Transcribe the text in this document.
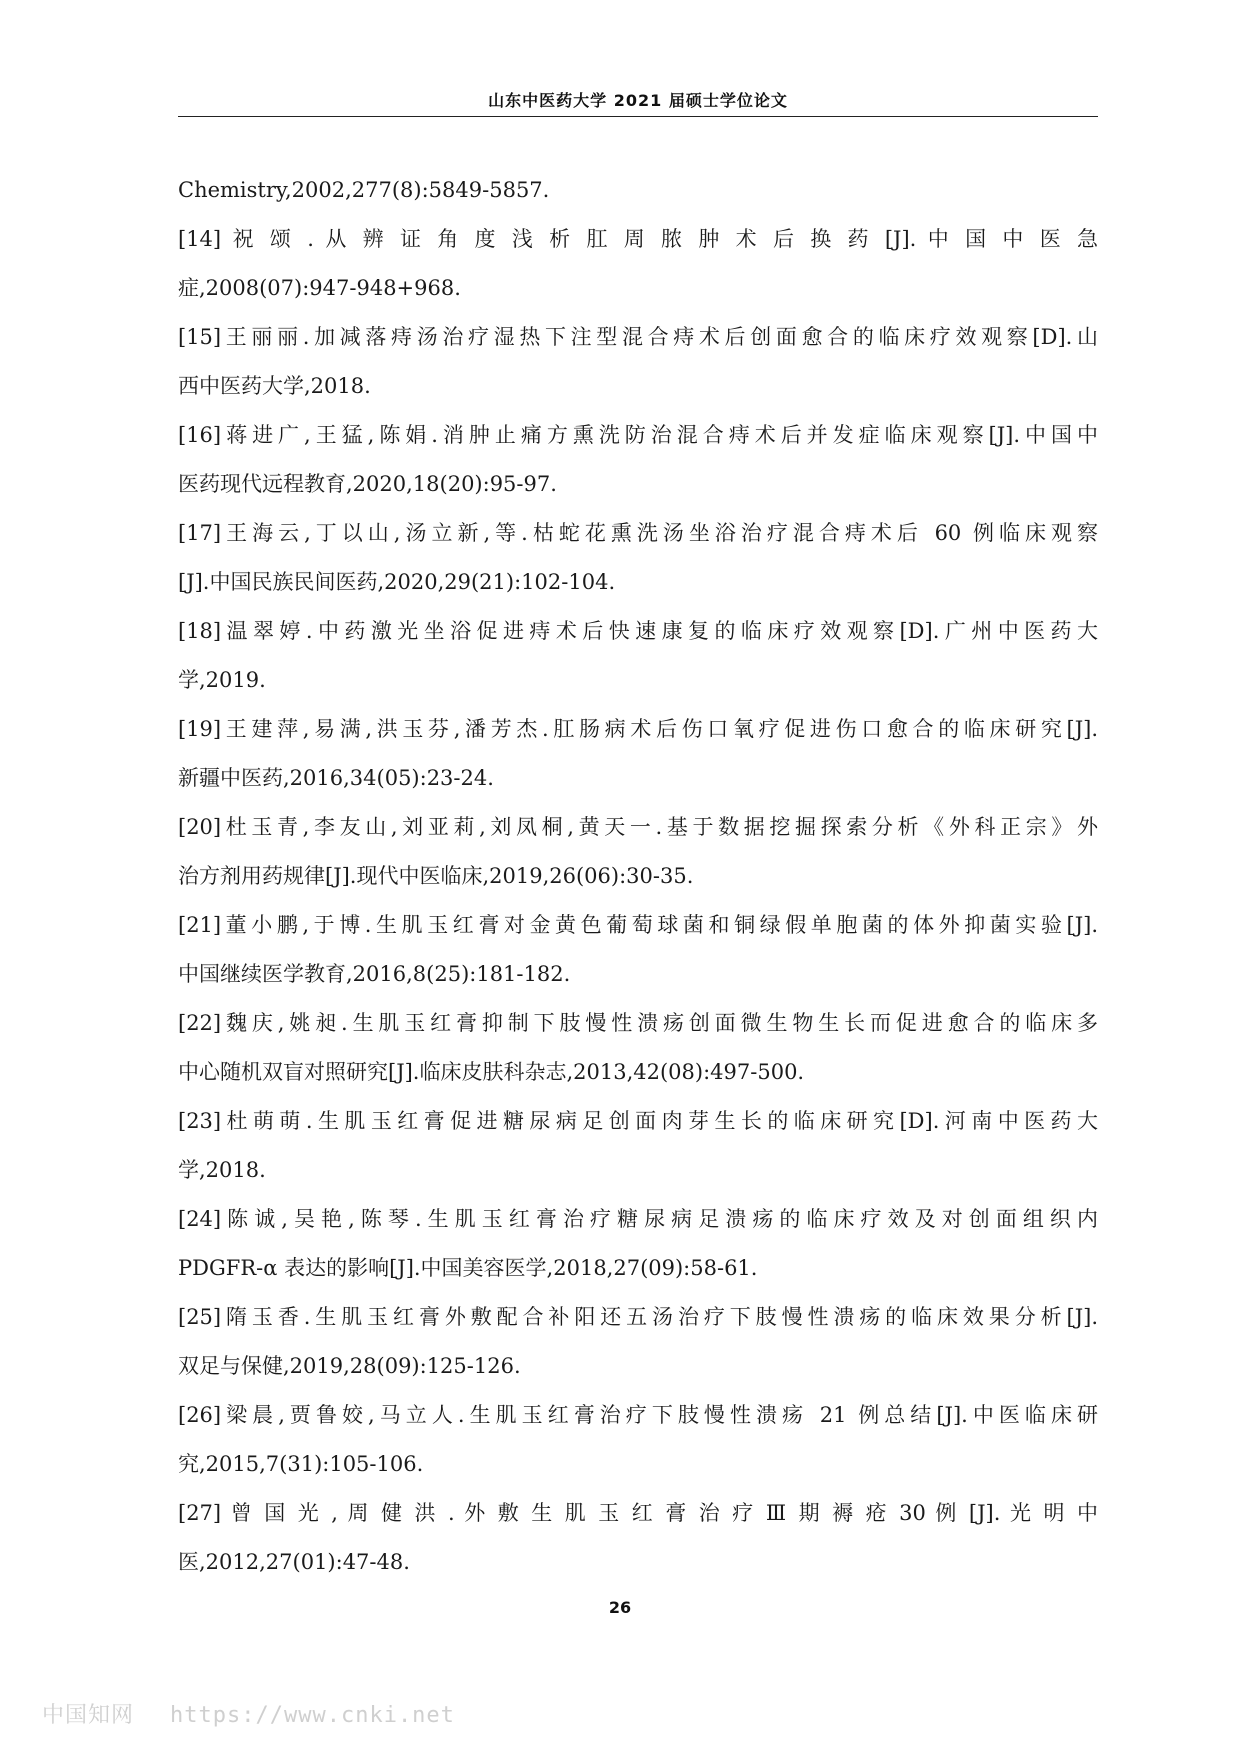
山东中医药大学 2021 届硕士学位论文
Chemistry,2002,277(8):5849-5857.
[14] 祝 颂 . 从 辨 证 角 度 浅 析 肛 周 脓 肿 术 后 换 药 [J]. 中 国 中 医 急
症,2008(07):947-948+968.
[15]王丽丽.加减落痔汤治疗湿热下注型混合痔术后创面愈合的临床疗效观察[D].山
西中医药大学,2018.
[16]蒋进广,王猛,陈娟.消肿止痛方熏洗防治混合痔术后并发症临床观察[J].中国中
医药现代远程教育,2020,18(20):95-97.
[17]王海云,丁以山,汤立新,等.枯蛇花熏洗汤坐浴治疗混合痔术后 60 例临床观察
[J].中国民族民间医药,2020,29(21):102-104.
[18]温翠婷.中药激光坐浴促进痔术后快速康复的临床疗效观察[D].广州中医药大
学,2019.
[19]王建萍,易满,洪玉芬,潘芳杰.肛肠病术后伤口氧疗促进伤口愈合的临床研究[J].
新疆中医药,2016,34(05):23-24.
[20]杜玉青,李友山,刘亚莉,刘凤桐,黄天一.基于数据挖掘探索分析《外科正宗》外
治方剂用药规律[J].现代中医临床,2019,26(06):30-35.
[21]董小鹏,于博.生肌玉红膏对金黄色葡萄球菌和铜绿假单胞菌的体外抑菌实验[J].
中国继续医学教育,2016,8(25):181-182.
[22]魏庆,姚昶.生肌玉红膏抑制下肢慢性溃疡创面微生物生长而促进愈合的临床多
中心随机双盲对照研究[J].临床皮肤科杂志,2013,42(08):497-500.
[23]杜萌萌.生肌玉红膏促进糖尿病足创面肉芽生长的临床研究[D].河南中医药大
学,2018.
[24]陈诚,吴艳,陈琴.生肌玉红膏治疗糖尿病足溃疡的临床疗效及对创面组织内
PDGFR-α 表达的影响[J].中国美容医学,2018,27(09):58-61.
[25]隋玉香.生肌玉红膏外敷配合补阳还五汤治疗下肢慢性溃疡的临床效果分析[J].
双足与保健,2019,28(09):125-126.
[26]梁晨,贾鲁姣,马立人.生肌玉红膏治疗下肢慢性溃疡 21 例总结[J].中医临床研
究,2015,7(31):105-106.
[27] 曾 国 光 , 周 健 洪 . 外 敷 生 肌 玉 红 膏 治 疗 Ⅲ 期 褥 疮 30 例 [J]. 光 明 中
医,2012,27(01):47-48.
26
中国知网 https://www.cnki.net
